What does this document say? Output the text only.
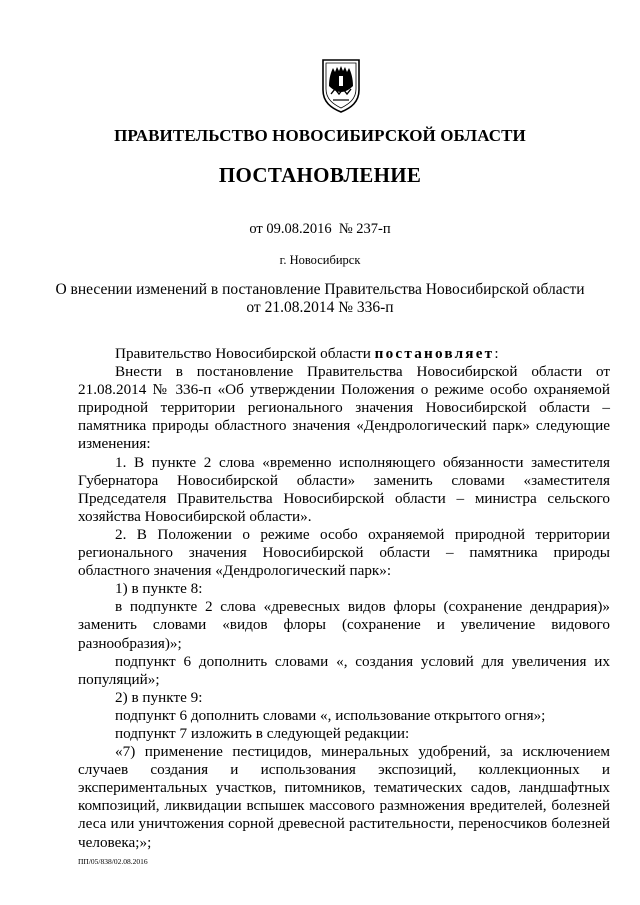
ПРАВИТЕЛЬСТВО НОВОСИБИРСКОЙ ОБЛАСТИ
ПОСТАНОВЛЕНИЕ
от 09.08.2016  № 237-п
г. Новосибирск
О внесении изменений в постановление Правительства Новосибирской области
от 21.08.2014 № 336-п

Правительство Новосибирской области постановляет:

Внести в постановление Правительства Новосибирской области от 21.08.2014 № 336-п «Об утверждении Положения о режиме особо охраняемой природной территории регионального значения Новосибирской области – памятника природы областного значения «Дендрологический парк» следующие изменения:

1. В пункте 2 слова «временно исполняющего обязанности заместителя Губернатора Новосибирской области» заменить словами «заместителя Председателя Правительства Новосибирской области – министра сельского хозяйства Новосибирской области».

2. В Положении о режиме особо охраняемой природной территории регионального значения Новосибирской области – памятника природы областного значения «Дендрологический парк»:

1) в пункте 8:

в подпункте 2 слова «древесных видов флоры (сохранение дендрария)» заменить словами «видов флоры (сохранение и увеличение видового разнообразия)»;

подпункт 6 дополнить словами «, создания условий для увеличения их популяций»;

2) в пункте 9:

подпункт 6 дополнить словами «, использование открытого огня»;

подпункт 7 изложить в следующей редакции:

«7) применение пестицидов, минеральных удобрений, за исключением случаев создания и использования экспозиций, коллекционных и экспериментальных участков, питомников, тематических садов, ландшафтных композиций, ликвидации вспышек массового размножения вредителей, болезней леса или уничтожения сорной древесной растительности, переносчиков болезней человека;»;

ПП/05/838/02.08.2016
